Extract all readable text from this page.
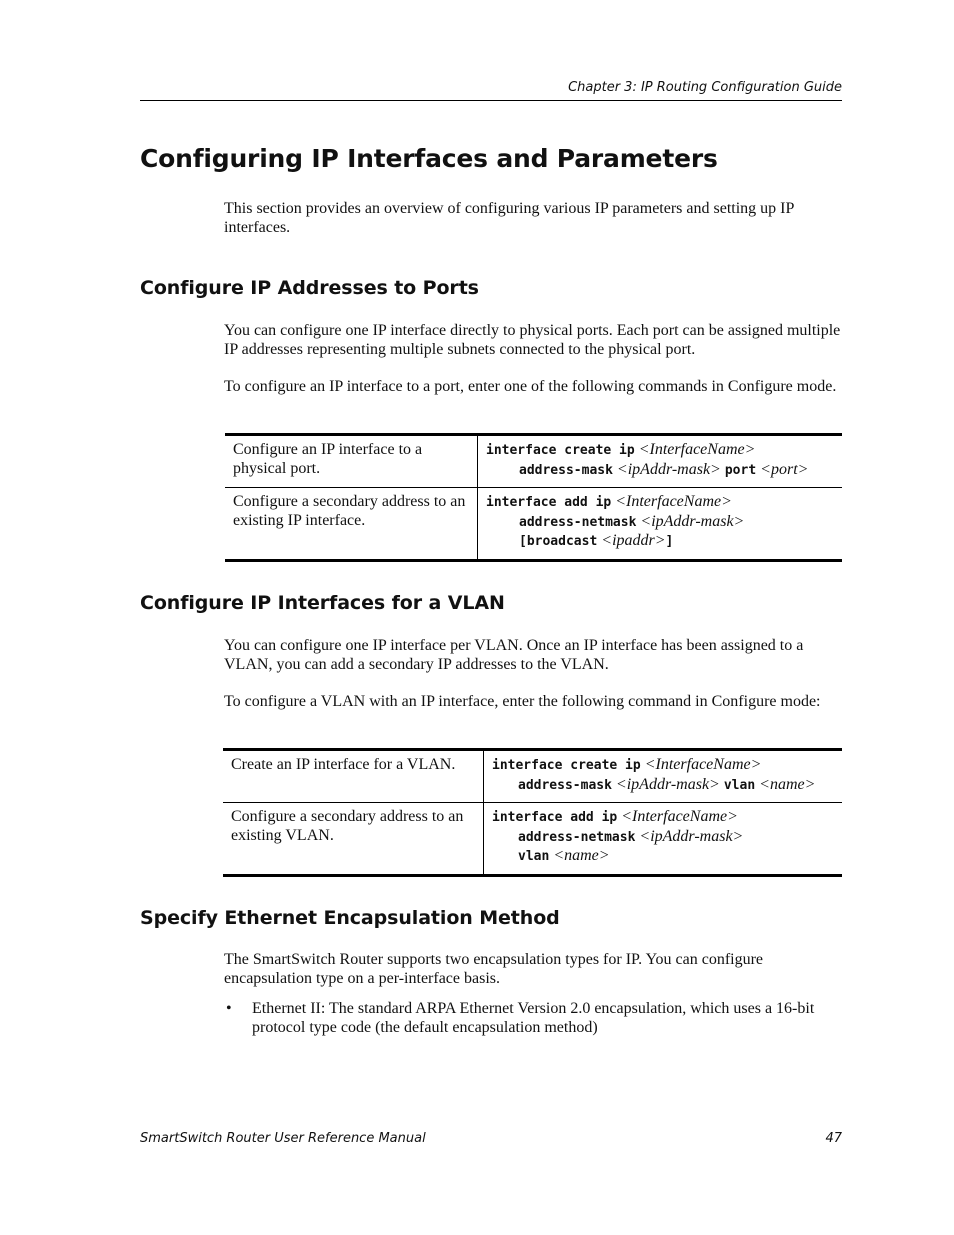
Chapter 3: IP Routing Configuration Guide
Configuring IP Interfaces and Parameters

This section provides an overview of configuring various IP parameters and setting up IP interfaces.

Configure IP Addresses to Ports

You can configure one IP interface directly to physical ports. Each port can be assigned multiple IP addresses representing multiple subnets connected to the physical port.

To configure an IP interface to a port, enter one of the following commands in Configure mode.

Configure an IP interface to a physical port.	interface create ip <InterfaceName>
address-mask <ipAddr-mask> port <port>

Configure a secondary address to an existing IP interface.	interface add ip <InterfaceName>
address-netmask <ipAddr-mask>
[broadcast <ipaddr>]
Configure IP Interfaces for a VLAN

You can configure one IP interface per VLAN. Once an IP interface has been assigned to a VLAN, you can add a secondary IP addresses to the VLAN.

To configure a VLAN with an IP interface, enter the following command in Configure mode:

Create an IP interface for a VLAN.	interface create ip <InterfaceName>
address-mask <ipAddr-mask> vlan <name>

Configure a secondary address to an existing VLAN.	interface add ip <InterfaceName>
address-netmask <ipAddr-mask>
vlan <name>
Specify Ethernet Encapsulation Method

The SmartSwitch Router supports two encapsulation types for IP. You can configure encapsulation type on a per-interface basis.

• Ethernet II: The standard ARPA Ethernet Version 2.0 encapsulation, which uses a 16-bit protocol type code (the default encapsulation method)
SmartSwitch Router User Reference Manual	47
